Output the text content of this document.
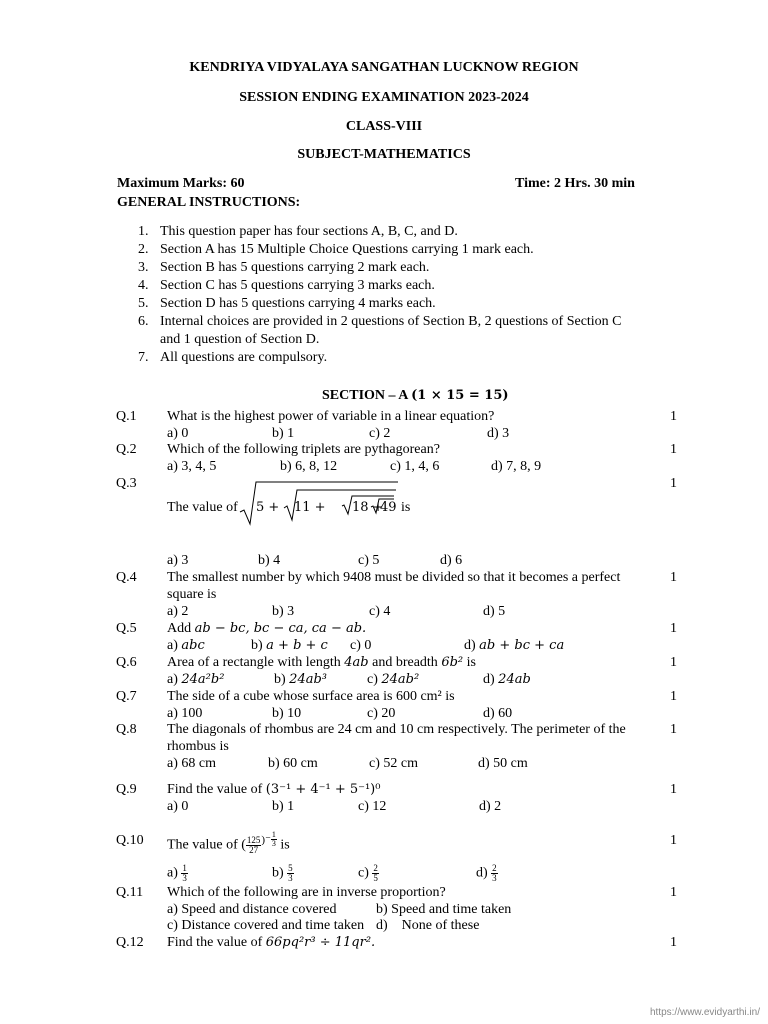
KENDRIYA VIDYALAYA SANGATHAN LUCKNOW REGION
SESSION ENDING EXAMINATION 2023-2024
CLASS-VIII
SUBJECT-MATHEMATICS
Maximum Marks: 60	Time: 2 Hrs. 30 min
GENERAL INSTRUCTIONS:
1. This question paper has four sections A, B, C, and D.
2. Section A has 15 Multiple Choice Questions carrying 1 mark each.
3. Section B has 5 questions carrying 2 mark each.
4. Section C has 5 questions carrying 3 marks each.
5. Section D has 5 questions carrying 4 marks each.
6. Internal choices are provided in 2 questions of Section B, 2 questions of Section C
and 1 question of Section D.
7. All questions are compulsory.
SECTION – A (1 × 15 = 15)
Q.1 What is the highest power of variable in a linear equation?	1
a) 0	b) 1	c) 2	d) 3
Q.2 Which of the following triplets are pythagorean?	1
a) 3, 4, 5	b) 6, 8, 12	c) 1, 4, 6	d) 7, 8, 9
Q.3	1
The value of 5 + 11 + 18 +
49 is
a) 3	b) 4	c) 5	d) 6
Q.4 The smallest number by which 9408 must be divided so that it becomes a perfect	1
square is
a) 2	b) 3	c) 4	d) 5
Q.5 Add ab − bc, bc − ca, ca − ab.	1
a) abc	b) a + b + c c) 0	d) ab + bc + ca
Q.6 Area of a rectangle with length 4ab and breadth 6b² is	1
a) 24a²b²	b) 24ab³	c) 24ab²	d) 24ab
Q.7 The side of a cube whose surface area is 600 cm² is	1
a) 100	b) 10	c) 20	d) 60
Q.8 The diagonals of rhombus are 24 cm and 10 cm respectively. The perimeter of the	1
rhombus is
a) 68 cm	b) 60 cm	c) 52 cm	d) 50 cm
Q.9 Find the value of (3⁻¹ + 4⁻¹ + 5⁻¹)⁰	1
a) 0	b) 1	c) 12	d) 2
Q.10	1
The value of ( $\frac{125}{27} ^{)^-} \frac{1}{3}$ is
$a) \frac{1}{3}$	$b) \frac{5}{3}$	$c) \frac{2}{5}$	$d) \frac{2}{3}$
Q.11 Which of the following are in inverse proportion?	1
a) Speed and distance covered	b) Speed and time taken
c) Distance covered and time taken d)    None of these
Q.12 Find the value of 66pq²r³ ÷ 11qr².	1
https://www.evidyarthi.in/
